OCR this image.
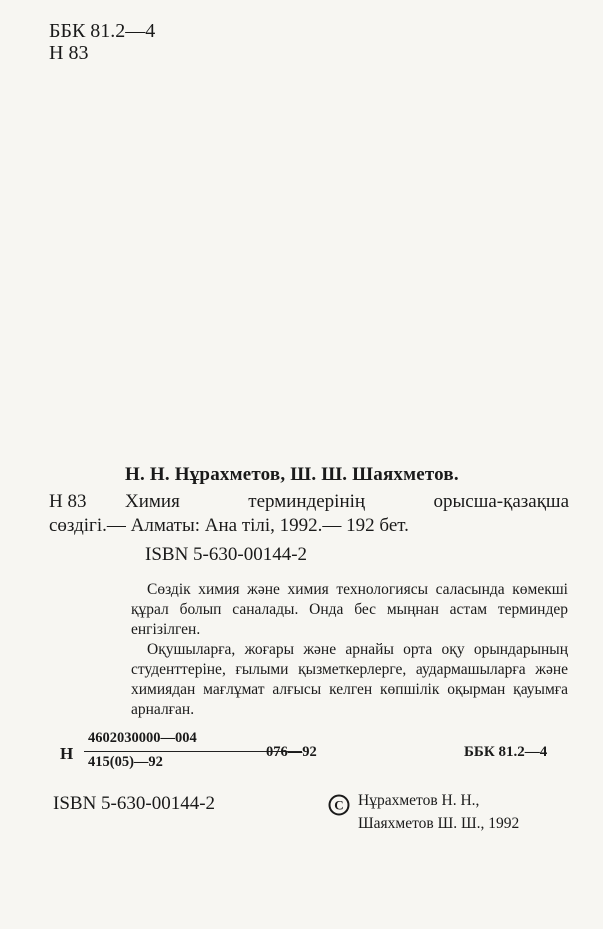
ББК 81.2—4
Н 83
Н. Н. Нұрахметов, Ш. Ш. Шаяхметов.
Н 83	Химия терминдерінің орысша-қазақша
сөздігі.— Алматы: Ана тілі, 1992.— 192 бет.
ISBN 5-630-00144-2

Сөздік химия және химия технологиясы саласында көмекші құрал болып саналады. Онда бес мыңнан астам терминдер енгізілген.

Оқушыларға, жоғары және арнайы орта оқу орындарының студенттеріне, ғылыми қызметкерлерге, аудармашыларға және химиядан мағлұмат алғысы келген көпшілік оқырман қауымға арналған.

Н
4602030000—004
415(05)—92
076—92	ББК 81.2—4
ISBN 5-630-00144-2	C Нұрахметов Н. Н.,
Шаяхметов Ш. Ш., 1992
